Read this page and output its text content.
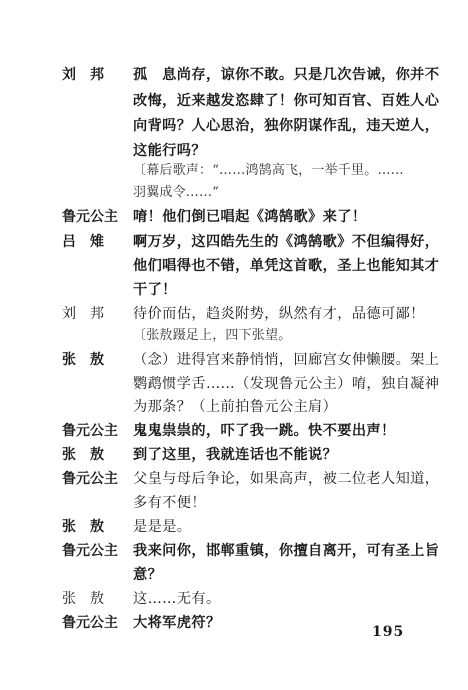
刘　邦	孤　息尚存，谅你不敢。只是几次告诫，你并不
改悔，近来越发恣肆了！你可知百官、百姓人心
向背吗？人心思治，独你阴谋作乱，违天逆人，
这能行吗？
〔幕后歌声：“……鸿鹄高飞，一举千里。……
羽翼成令……”
鲁元公主 唷！他们倒已唱起《鸿鹄歌》来了！
吕　雉	啊万岁，这四皓先生的《鸿鹄歌》不但编得好，
他们唱得也不错，单凭这首歌，圣上也能知其才
干了！
刘　邦	待价而估，趋炎附势，纵然有才，品德可鄙！
〔张敖蹑足上，四下张望。
张　敖	（念）进得宫来静悄悄，回廊宫女伸懒腰。架上
鹦鹉惯学舌……（发现鲁元公主）唷，独自凝神
为那条？（上前拍鲁元公主肩）
鲁元公主 鬼鬼祟祟的，吓了我一跳。快不要出声！
张　敖	到了这里，我就连话也不能说？
鲁元公主 父皇与母后争论，如果高声，被二位老人知道，
多有不便！
张　敖	是是是。
鲁元公主 我来问你，邯郸重镇，你擅自离开，可有圣上旨
意？
张　敖	这……无有。
鲁元公主 大将军虎符？
195
